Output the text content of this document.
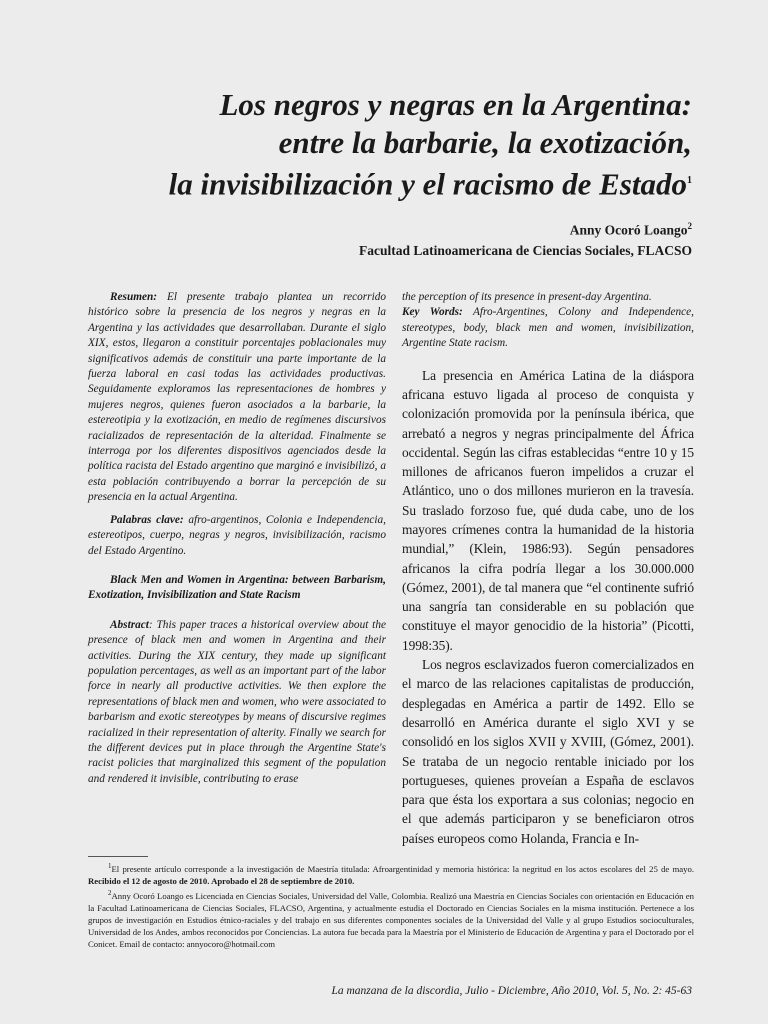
Los negros y negras en la Argentina:
entre la barbarie, la exotización,
la invisibilización y el racismo de Estado$^1$
Anny Ocoró Loango$^2$
Facultad Latinoamericana de Ciencias Sociales, FLACSO

Resumen: El presente trabajo plantea un recorrido histórico sobre la presencia de los negros y negras en la Argentina y las actividades que desarrollaban. Durante el siglo XIX, estos, llegaron a constituir porcentajes poblacionales muy significativos además de constituir una parte importante de la fuerza laboral en casi todas las actividades productivas. Seguidamente exploramos las representaciones de hombres y mujeres negros, quienes fueron asociados a la barbarie, la estereotipia y la exotización, en medio de regímenes discursivos racializados de representación de la alteridad. Finalmente se interroga por los diferentes dispositivos agenciados desde la política racista del Estado argentino que marginó e invisibilizó, a esta población contribuyendo a borrar la percepción de su presencia en la actual Argentina.

Palabras clave: afro-argentinos, Colonia e Independencia, estereotipos, cuerpo, negras y negros, invisibilización, racismo del Estado Argentino.

Black Men and Women in Argentina: between Barbarism, Exotization, Invisibilization and State Racism

Abstract: This paper traces a historical overview about the presence of black men and women in Argentina and their activities. During the XIX century, they made up significant population percentages, as well as an important part of the labor force in nearly all productive activities. We then explore the representations of black men and women, who were associated to barbarism and exotic stereotypes by means of discursive regimes racialized in their representation of alterity. Finally we search for the different devices put in place through the Argentine State's racist policies that marginalized this segment of the population and rendered it invisible, contributing to erase

the perception of its presence in present-day Argentina.

Key Words: Afro-Argentines, Colony and Independence, stereotypes, body, black men and women, invisibilization, Argentine State racism.

La presencia en América Latina de la diáspora africana estuvo ligada al proceso de conquista y colonización promovida por la península ibérica, que arrebató a negros y negras principalmente del África occidental. Según las cifras establecidas “entre 10 y 15 millones de africanos fueron impelidos a cruzar el Atlántico, uno o dos millones murieron en la travesía. Su traslado forzoso fue, qué duda cabe, uno de los mayores crímenes contra la humanidad de la historia mundial,” (Klein, 1986:93). Según pensadores africanos la cifra podría llegar a los 30.000.000 (Gómez, 2001), de tal manera que “el continente sufrió una sangría tan considerable en su población que constituye el mayor genocidio de la historia” (Picotti, 1998:35).

Los negros esclavizados fueron comercializados en el marco de las relaciones capitalistas de producción, desplegadas en América a partir de 1492. Ello se desarrolló en América durante el siglo XVI y se consolidó en los siglos XVII y XVIII, (Gómez, 2001). Se trataba de un negocio rentable iniciado por los portugueses, quienes proveían a España de esclavos para que ésta los exportara a sus colonias; negocio en el que además participaron y se beneficiaron otros países europeos como Holanda, Francia e In-

$^1$El presente artículo corresponde a la investigación de Maestría titulada: Afroargentinidad y memoria histórica: la negritud en los actos escolares del 25 de mayo. Recibido el 12 de agosto de 2010. Aprobado el 28 de septiembre de 2010.

$^2$Anny Ocoró Loango es Licenciada en Ciencias Sociales, Universidad del Valle, Colombia. Realizó una Maestría en Ciencias Sociales con orientación en Educación en la Facultad Latinoamericana de Ciencias Sociales, FLACSO, Argentina, y actualmente estudia el Doctorado en Ciencias Sociales en la misma institución. Pertenece a los grupos de investigación en Estudios étnico-raciales y del trabajo en sus diferentes componentes sociales de la Universidad del Valle y al grupo Estudios socioculturales, Universidad de los Andes, ambos reconocidos por Conciencias. La autora fue becada para la Maestría por el Ministerio de Educación de Argentina y para el Doctorado por el Conicet. Email de contacto: annyocoro@hotmail.com

La manzana de la discordia, Julio - Diciembre, Año 2010, Vol. 5, No. 2: 45-63
